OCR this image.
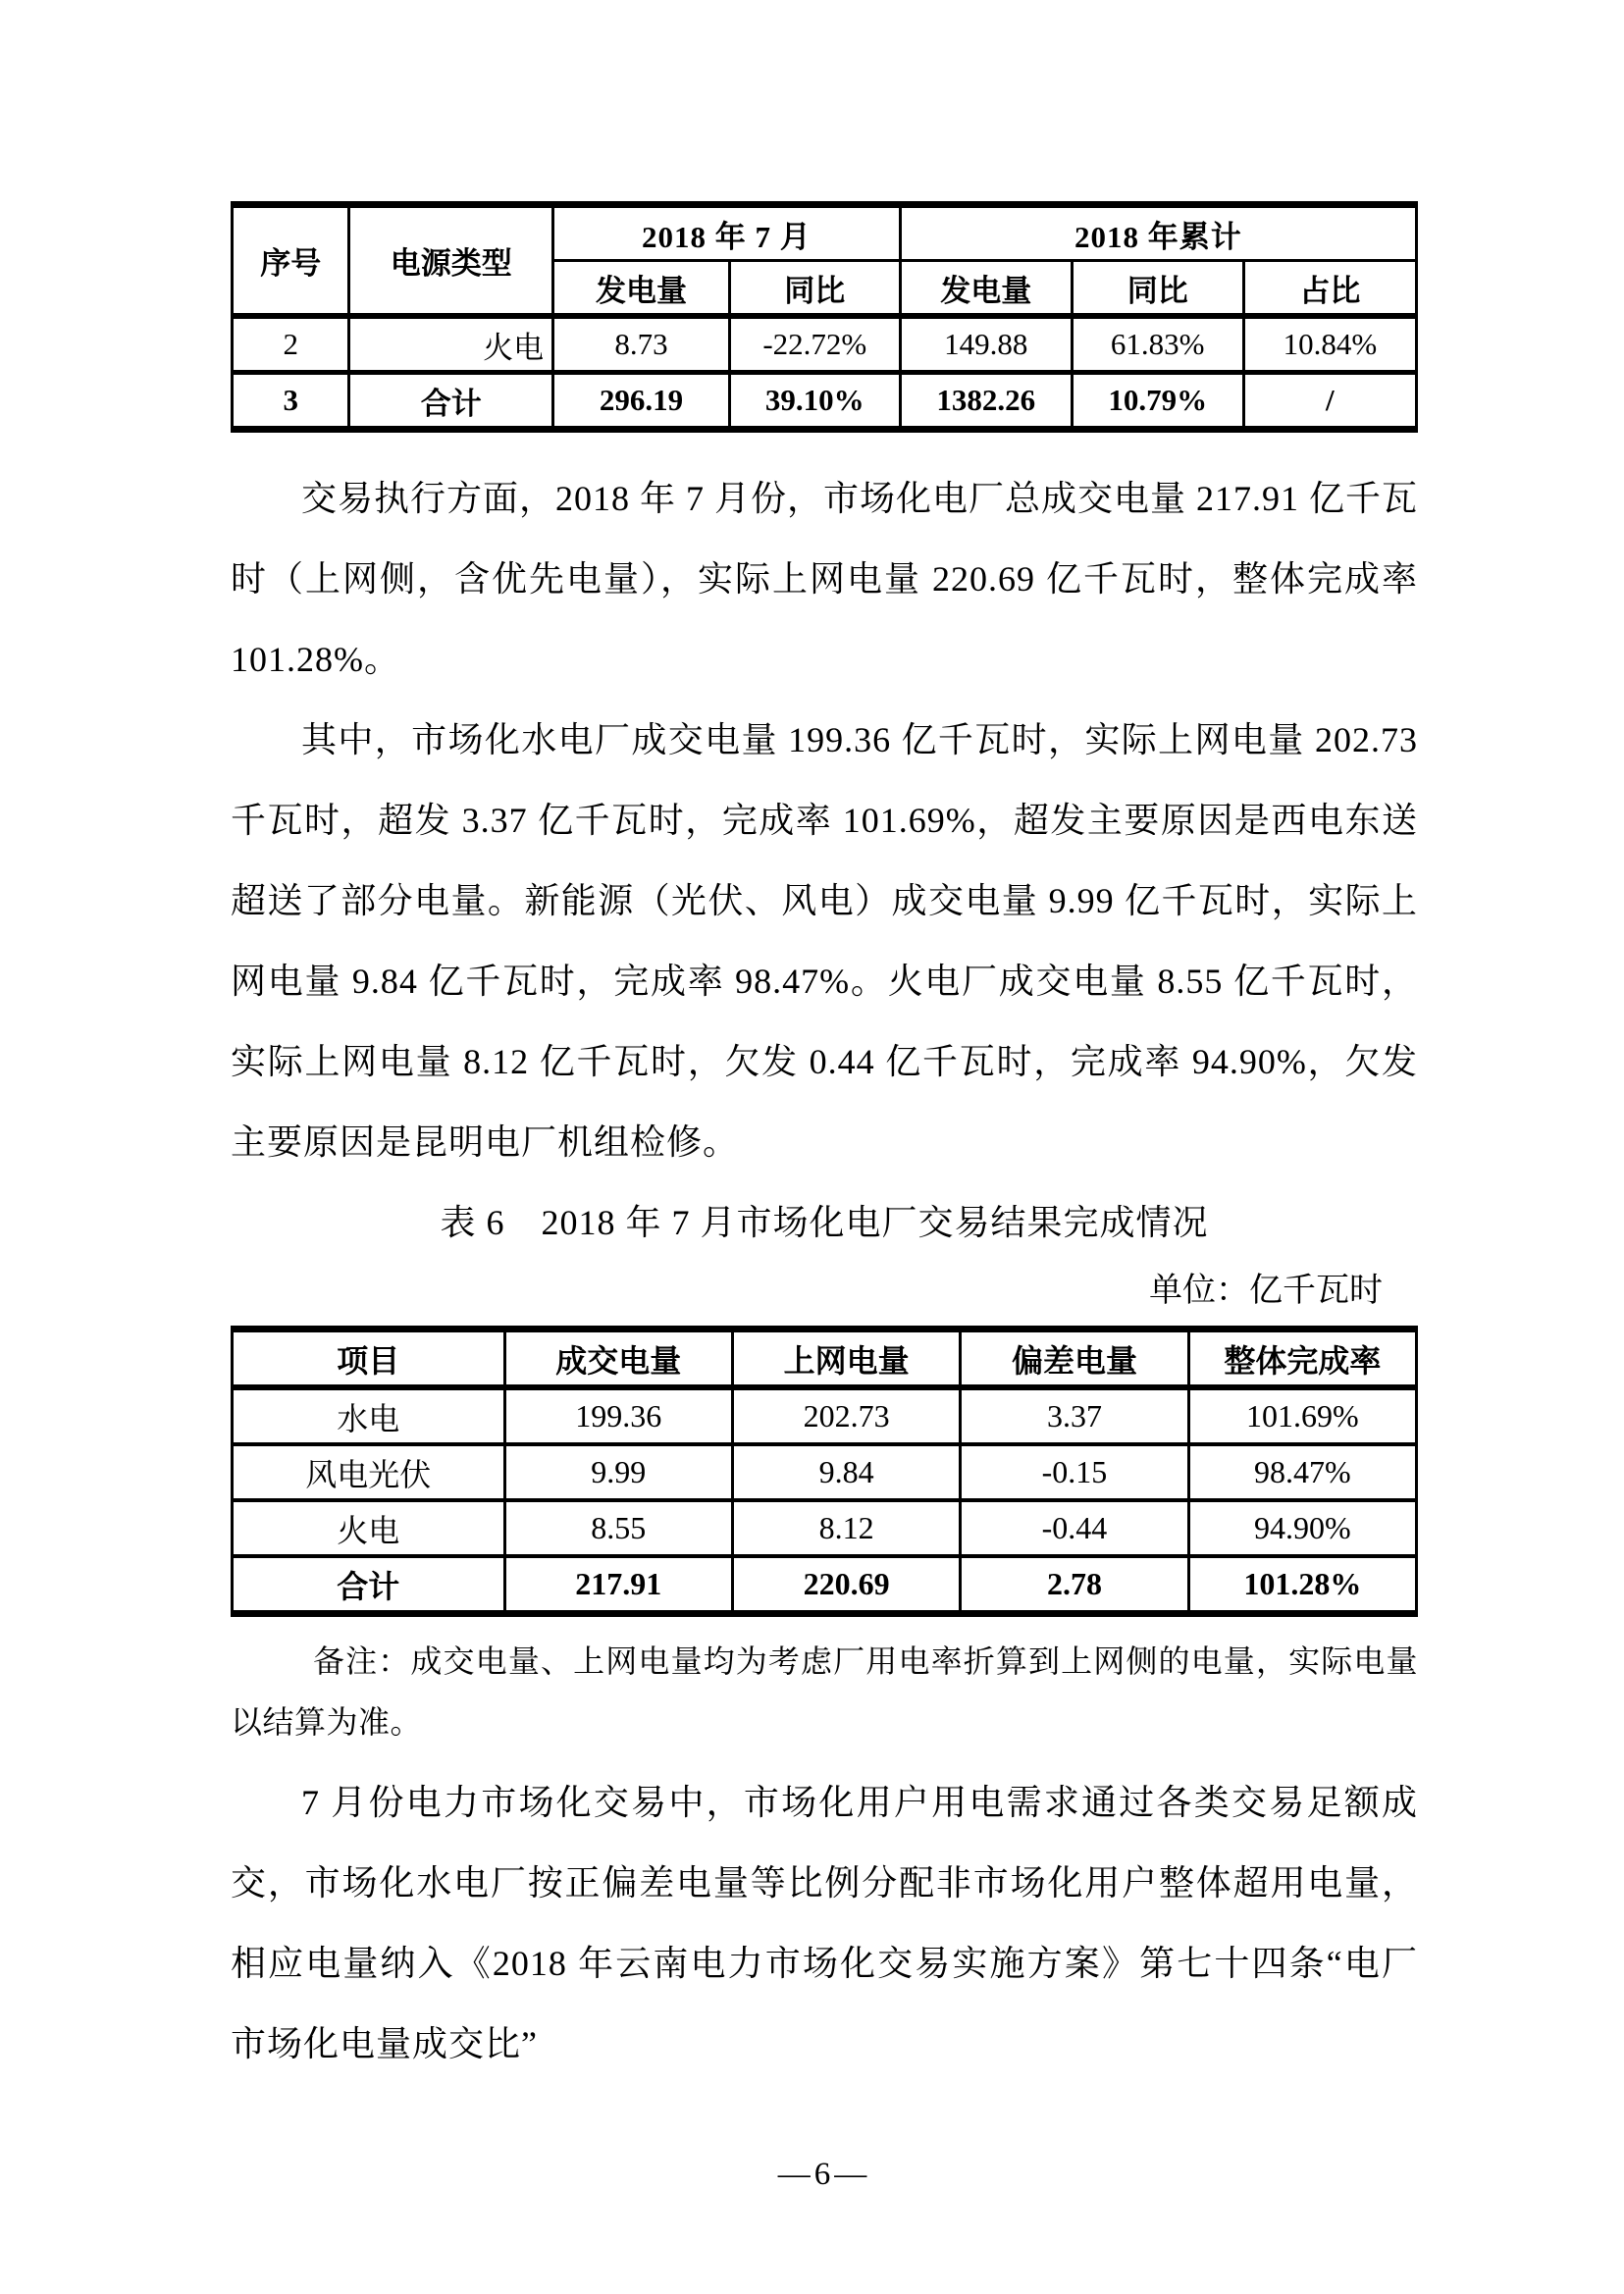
序号	电源类型	2018 年 7 月		2018 年累计		
		发电量	同比	发电量	同比	占比
2	火电	8.73	-22.72%	149.88	61.83%	10.84%
3	合计	296.19	39.10%	1382.26	10.79%	/

交易执行方面，2018 年 7 月份，市场化电厂总成交电量 217.91 亿千瓦时（上网侧，含优先电量），实际上网电量 220.69 亿千瓦时，整体完成率 101.28%。

其中，市场化水电厂成交电量 199.36 亿千瓦时，实际上网电量 202.73 千瓦时，超发 3.37 亿千瓦时，完成率 101.69%，超发主要原因是西电东送超送了部分电量。新能源（光伏、风电）成交电量 9.99 亿千瓦时，实际上网电量 9.84 亿千瓦时，完成率 98.47%。火电厂成交电量 8.55 亿千瓦时，实际上网电量 8.12 亿千瓦时，欠发 0.44 亿千瓦时，完成率 94.90%，欠发主要原因是昆明电厂机组检修。

表 6　2018 年 7 月市场化电厂交易结果完成情况

单位：亿千瓦时

项目	成交电量	上网电量	偏差电量	整体完成率
水电	199.36	202.73	3.37	101.69%
风电光伏	9.99	9.84	-0.15	98.47%
火电	8.55	8.12	-0.44	94.90%
合计	217.91	220.69	2.78	101.28%

备注：成交电量、上网电量均为考虑厂用电率折算到上网侧的电量，实际电量以结算为准。

7 月份电力市场化交易中，市场化用户用电需求通过各类交易足额成交，市场化水电厂按正偏差电量等比例分配非市场化用户整体超用电量，相应电量纳入《2018 年云南电力市场化交易实施方案》第七十四条“电厂市场化电量成交比”

—6—
